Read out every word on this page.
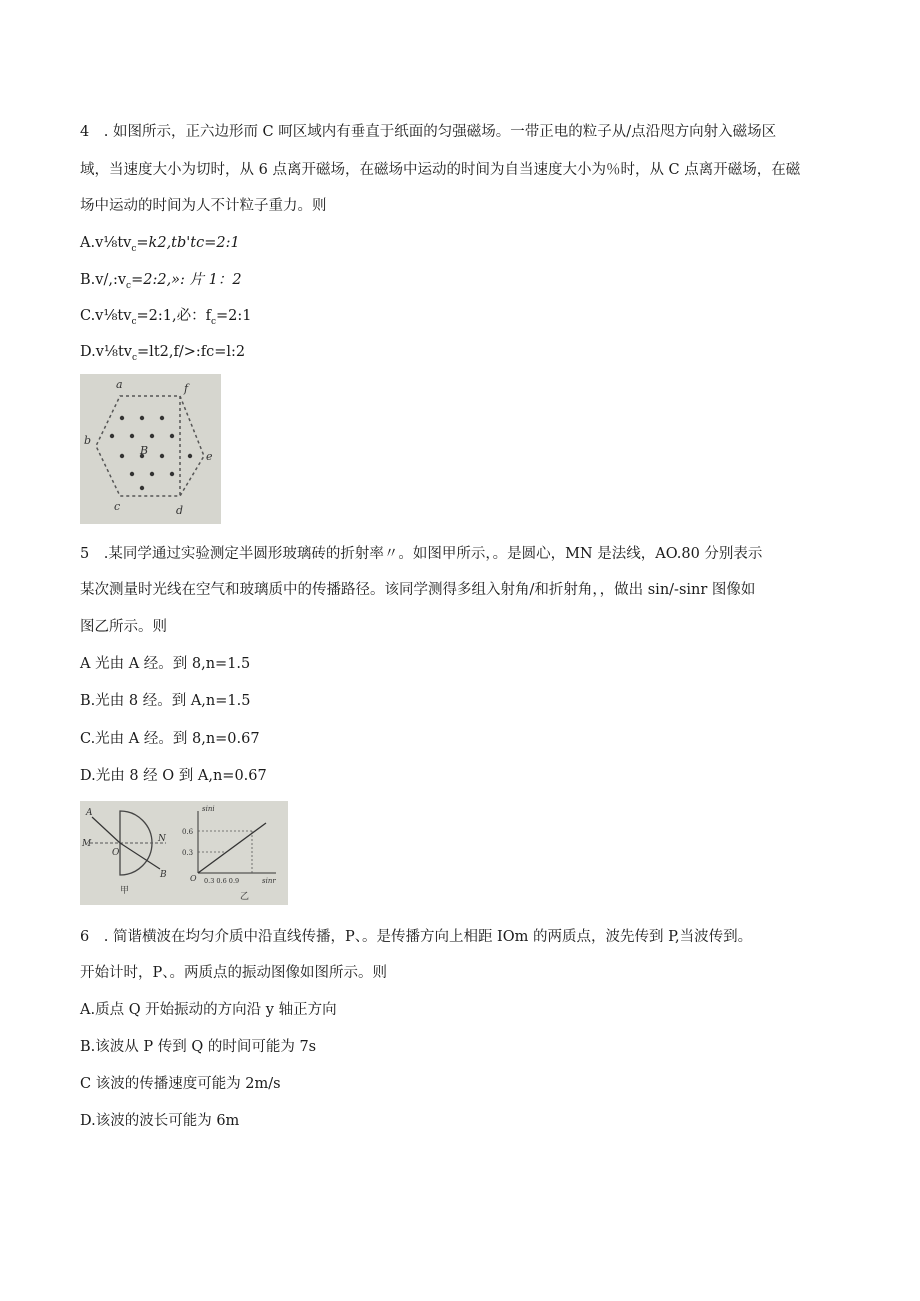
4　. 如图所示，正六边形而 C 呵区域内有垂直于纸面的匀强磁场。一带正电的粒子从/点沿咫方向射入磁场区
域，当速度大小为切时，从 6 点离开磁场，在磁场中运动的时间为自当速度大小为％时，从 C 点离开磁场，在磁
场中运动的时间为人不计粒子重力。则
$A.v\frac{1}{8}tv_c=k2,tb'tc=2:1$
$B.v/,:v_c=2:2$,»: 片 1：2
$C.v\frac{1}{8}tv_c=2:1$,必：$f_c=2:1$
$D.v\frac{1}{8}tv_c=lt2,f/>:fc=l:2$
a	f
b
B	e
c	d
5　.某同学通过实验测定半圆形玻璃砖的折射率〃。如图甲所示，。是圆心，MN 是法线，AO.80 分别表示
某次测量时光线在空气和玻璃质中的传播路径。该同学测得多组入射角/和折射角，，做出 sin/-sinr 图像如
图乙所示。则
A 光由 A 经。到 8,n=1.5
B.光由 8 经。到 A,n=1.5
C.光由 A 经。到 8,n=0.67
D.光由 8 经 O 到 A,n=0.67
A
M
O
N
B
甲
sini
0.6
0.3
O 0.3 0.6 0.9	sinr
乙
6　. 简谐横波在均匀介质中沿直线传播，P、。是传播方向上相距 IOm 的两质点，波先传到 P,当波传到。
开始计时，P、。两质点的振动图像如图所示。则
A.质点 Q 开始振动的方向沿 y 轴正方向
B.该波从 P 传到 Q 的时间可能为 7s
C 该波的传播速度可能为 2m/s
D.该波的波长可能为 6m
